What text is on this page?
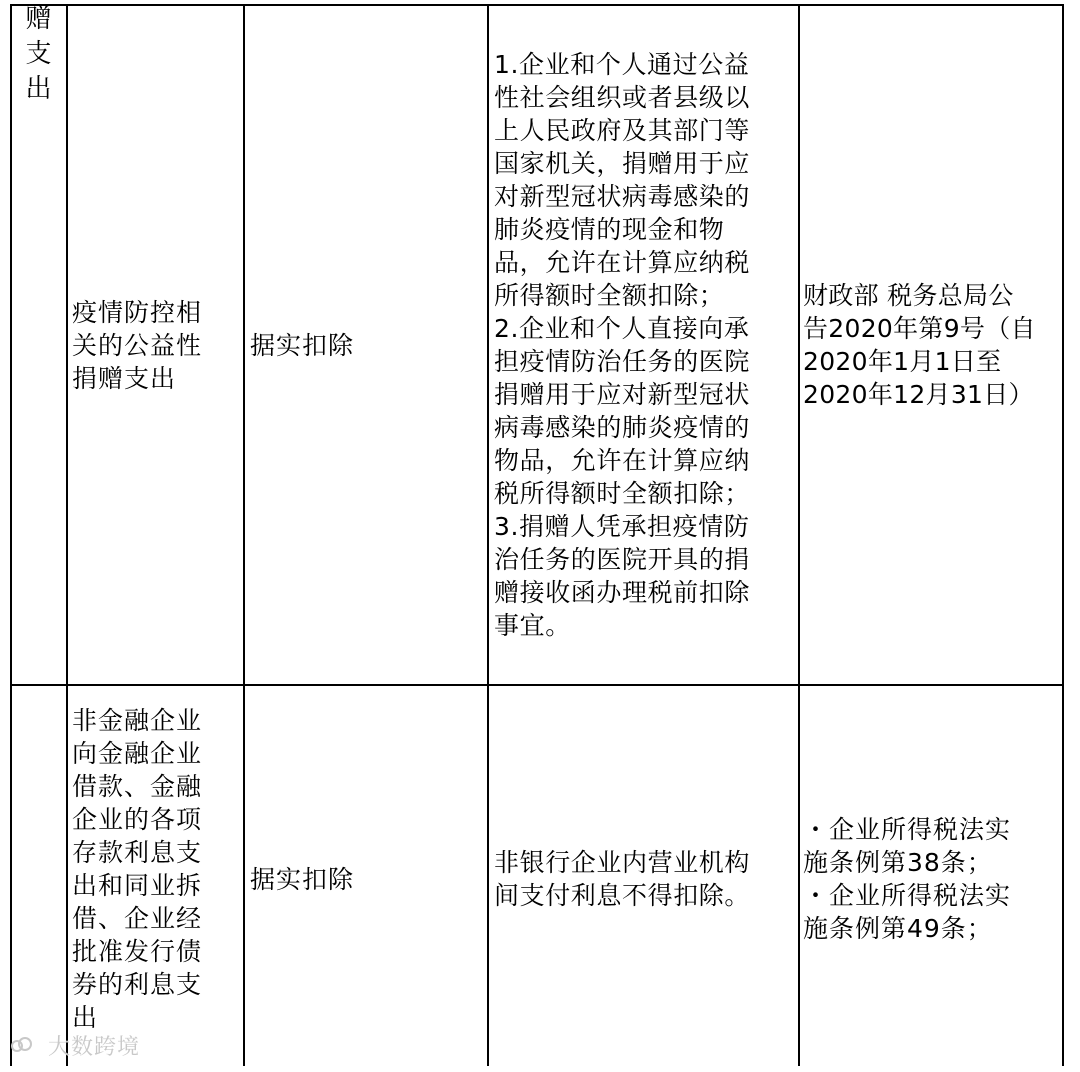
赠
支
出
疫情防控相
关的公益性
捐赠支出
据实扣除
1.企业和个人通过公益
性社会组织或者县级以
上人民政府及其部门等
国家机关，捐赠用于应
对新型冠状病毒感染的
肺炎疫情的现金和物
品，允许在计算应纳税
所得额时全额扣除；
2.企业和个人直接向承
担疫情防治任务的医院
捐赠用于应对新型冠状
病毒感染的肺炎疫情的
物品，允许在计算应纳
税所得额时全额扣除；
3.捐赠人凭承担疫情防
治任务的医院开具的捐
赠接收函办理税前扣除
事宜。
财政部 税务总局公
告2020年第9号（自
2020年1月1日至
2020年12月31日）
非金融企业
向金融企业
借款、金融
企业的各项
存款利息支
出和同业拆
借、企业经
批准发行债
券的利息支
出
据实扣除
非银行企业内营业机构
间支付利息不得扣除。
・企业所得税法实
施条例第38条；
・企业所得税法实
施条例第49条；
大数跨境
